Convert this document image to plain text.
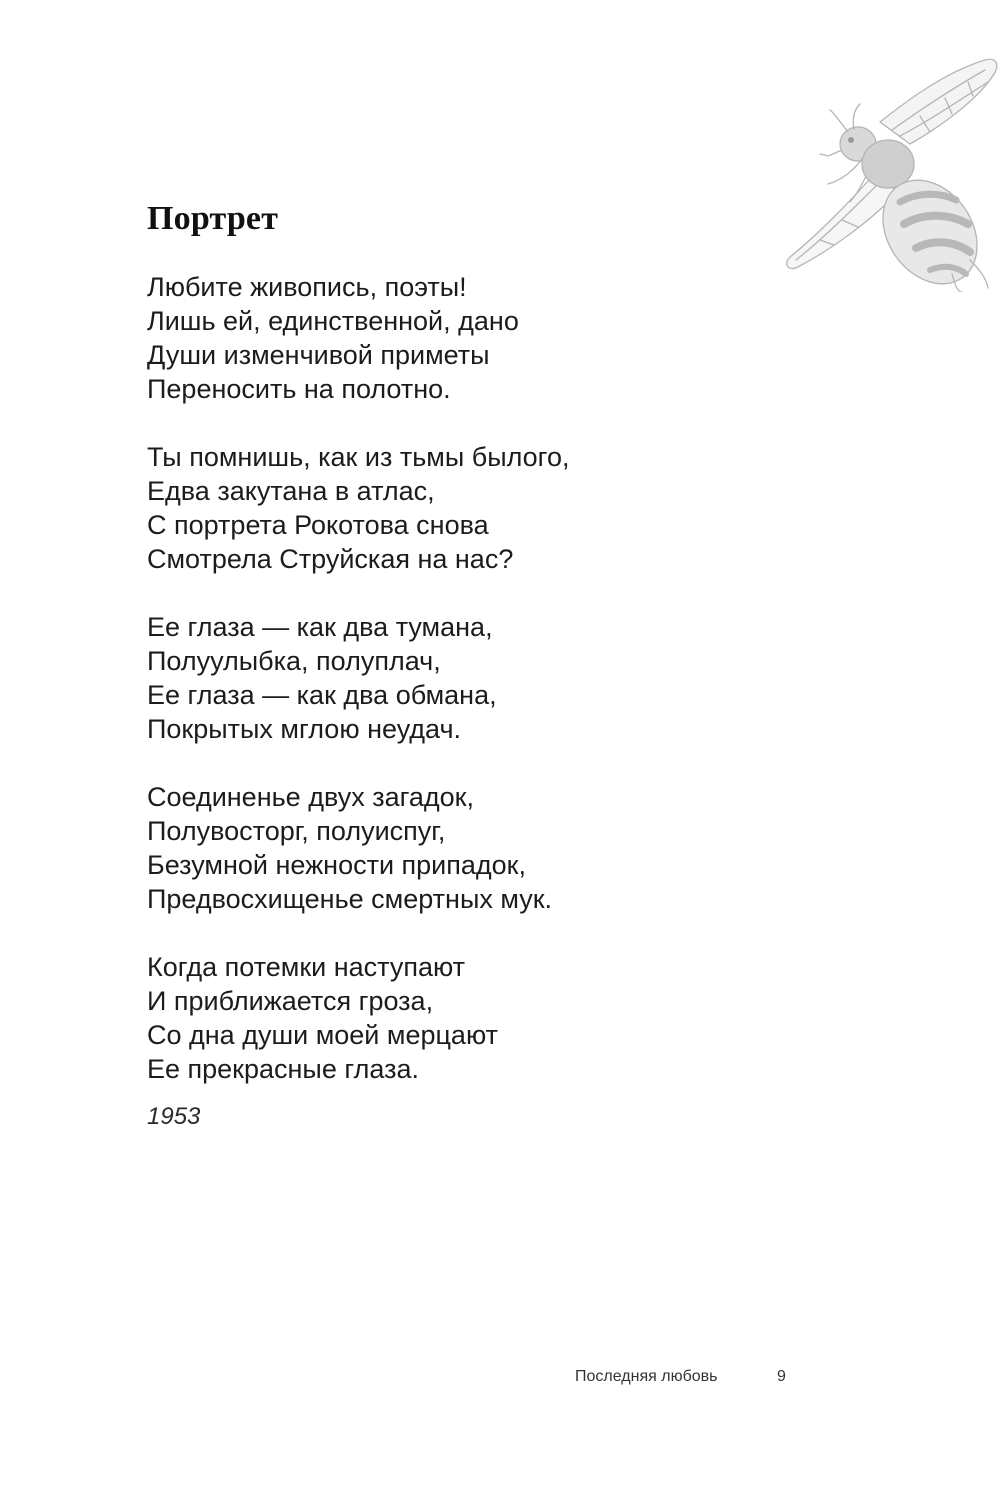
Портрет
Любите живопись, поэты!
Лишь ей, единственной, дано
Души изменчивой приметы
Переносить на полотно.
Ты помнишь, как из тьмы былого,
Едва закутана в атлас,
С портрета Рокотова снова
Смотрела Струйская на нас?
Ее глаза — как два тумана,
Полуулыбка, полуплач,
Ее глаза — как два обмана,
Покрытых мглою неудач.
Соединенье двух загадок,
Полувосторг, полуиспуг,
Безумной нежности припадок,
Предвосхищенье смертных мук.
Когда потемки наступают
И приближается гроза,
Со дна души моей мерцают
Ее прекрасные глаза.
1953
Последняя любовь	9
